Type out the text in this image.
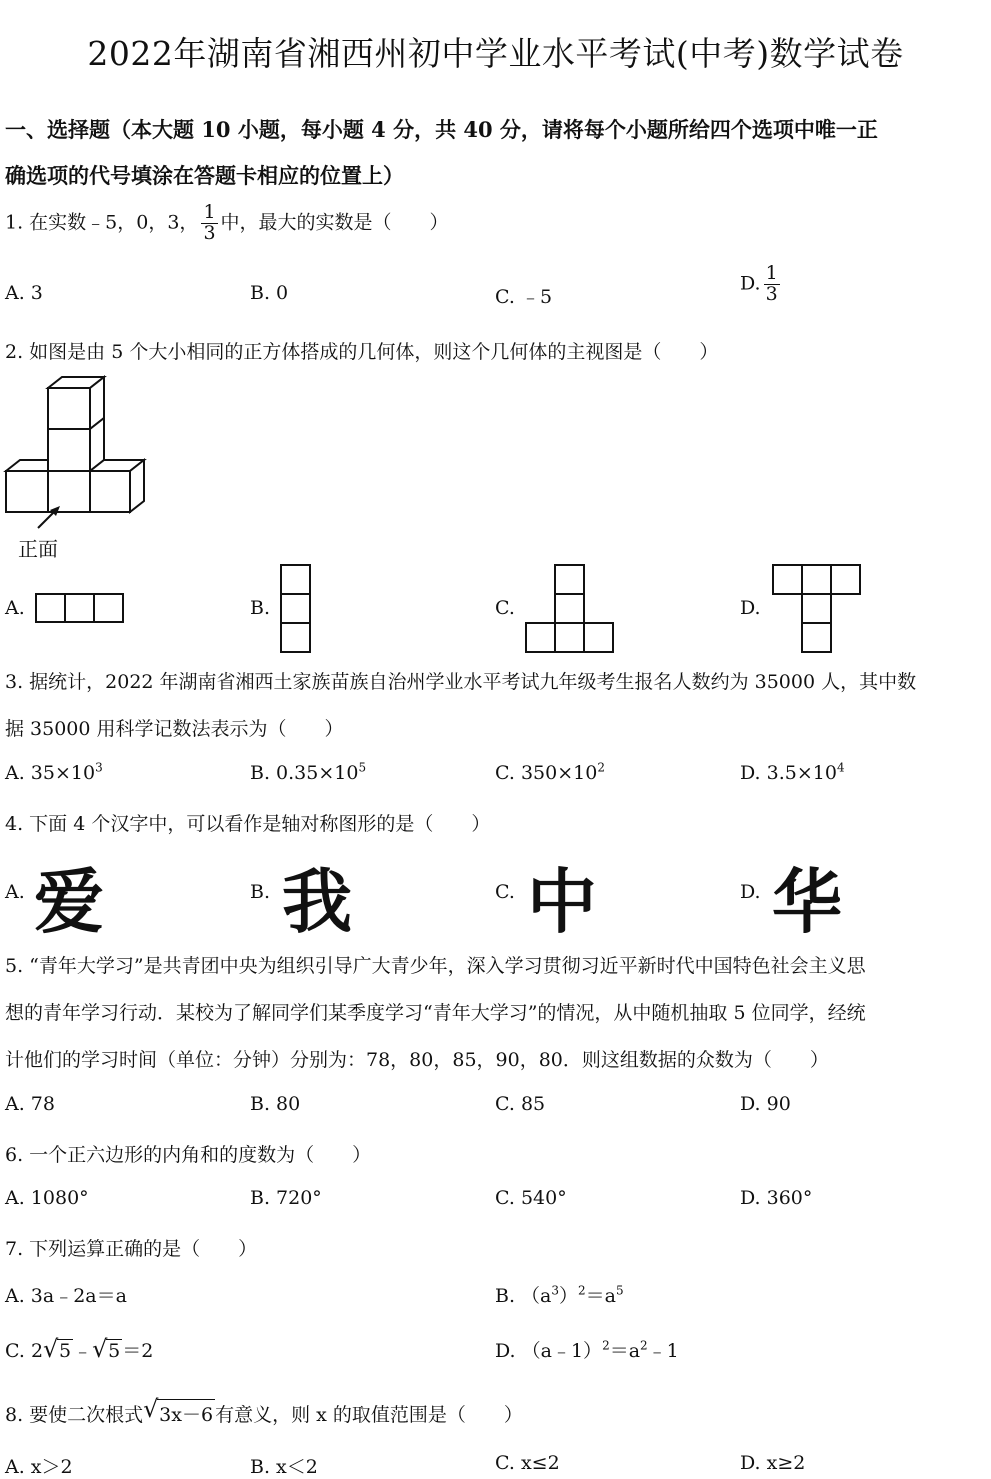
2022年湖南省湘西州初中学业水平考试(中考)数学试卷
一、选择题（本大题 10 小题，每小题 4 分，共 40 分，请将每个小题所给四个选项中唯一正
确选项的代号填涂在答题卡相应的位置上）
1. 在实数﹣5，0，3， $\frac{1}{3}$ 中，最大的实数是（　　）
A. 3	B. 0	C. ﹣5
D. $\frac{1}{3}$
2. 如图是由 5 个大小相同的正方体搭成的几何体，则这个几何体的主视图是（　　）
正面
A.	B.	C.	D.
3. 据统计，2022 年湖南省湘西土家族苗族自治州学业水平考试九年级考生报名人数约为 35000 人，其中数
据 35000 用科学记数法表示为（　　）
A. $35\times 10^3$	B. $0.35\times 10^5$	C. $350\times 10^2$	D. $3.5\times 10^4$
4. 下面 4 个汉字中，可以看作是轴对称图形的是（　　）
A. 爱	B. 我	C. 中	D. 华
5. “青年大学习”是共青团中央为组织引导广大青少年，深入学习贯彻习近平新时代中国特色社会主义思
想的青年学习行动．某校为了解同学们某季度学习“青年大学习”的情况，从中随机抽取 5 位同学，经统
计他们的学习时间（单位：分钟）分别为：78，80，85，90，80．则这组数据的众数为（　　）
A. 78	B. 80	C. 85	D. 90
6. 一个正六边形的内角和的度数为（　　）
A. 1080°	B. 720°	C. 540°	D. 360°
7. 下列运算正确的是（　　）
A. 3a﹣2a＝a	B. $(a^3)^2=a^5$
C. 2 √ 5 ﹣ √ 5 ＝2	D. $(a﹣1)^2=a^2﹣1$
8. 要使二次根式 √ 3x－6 有意义，则 x 的取值范围是（　　）
A. x＞2	B. x＜2	C. x≤2	D. x≥2
